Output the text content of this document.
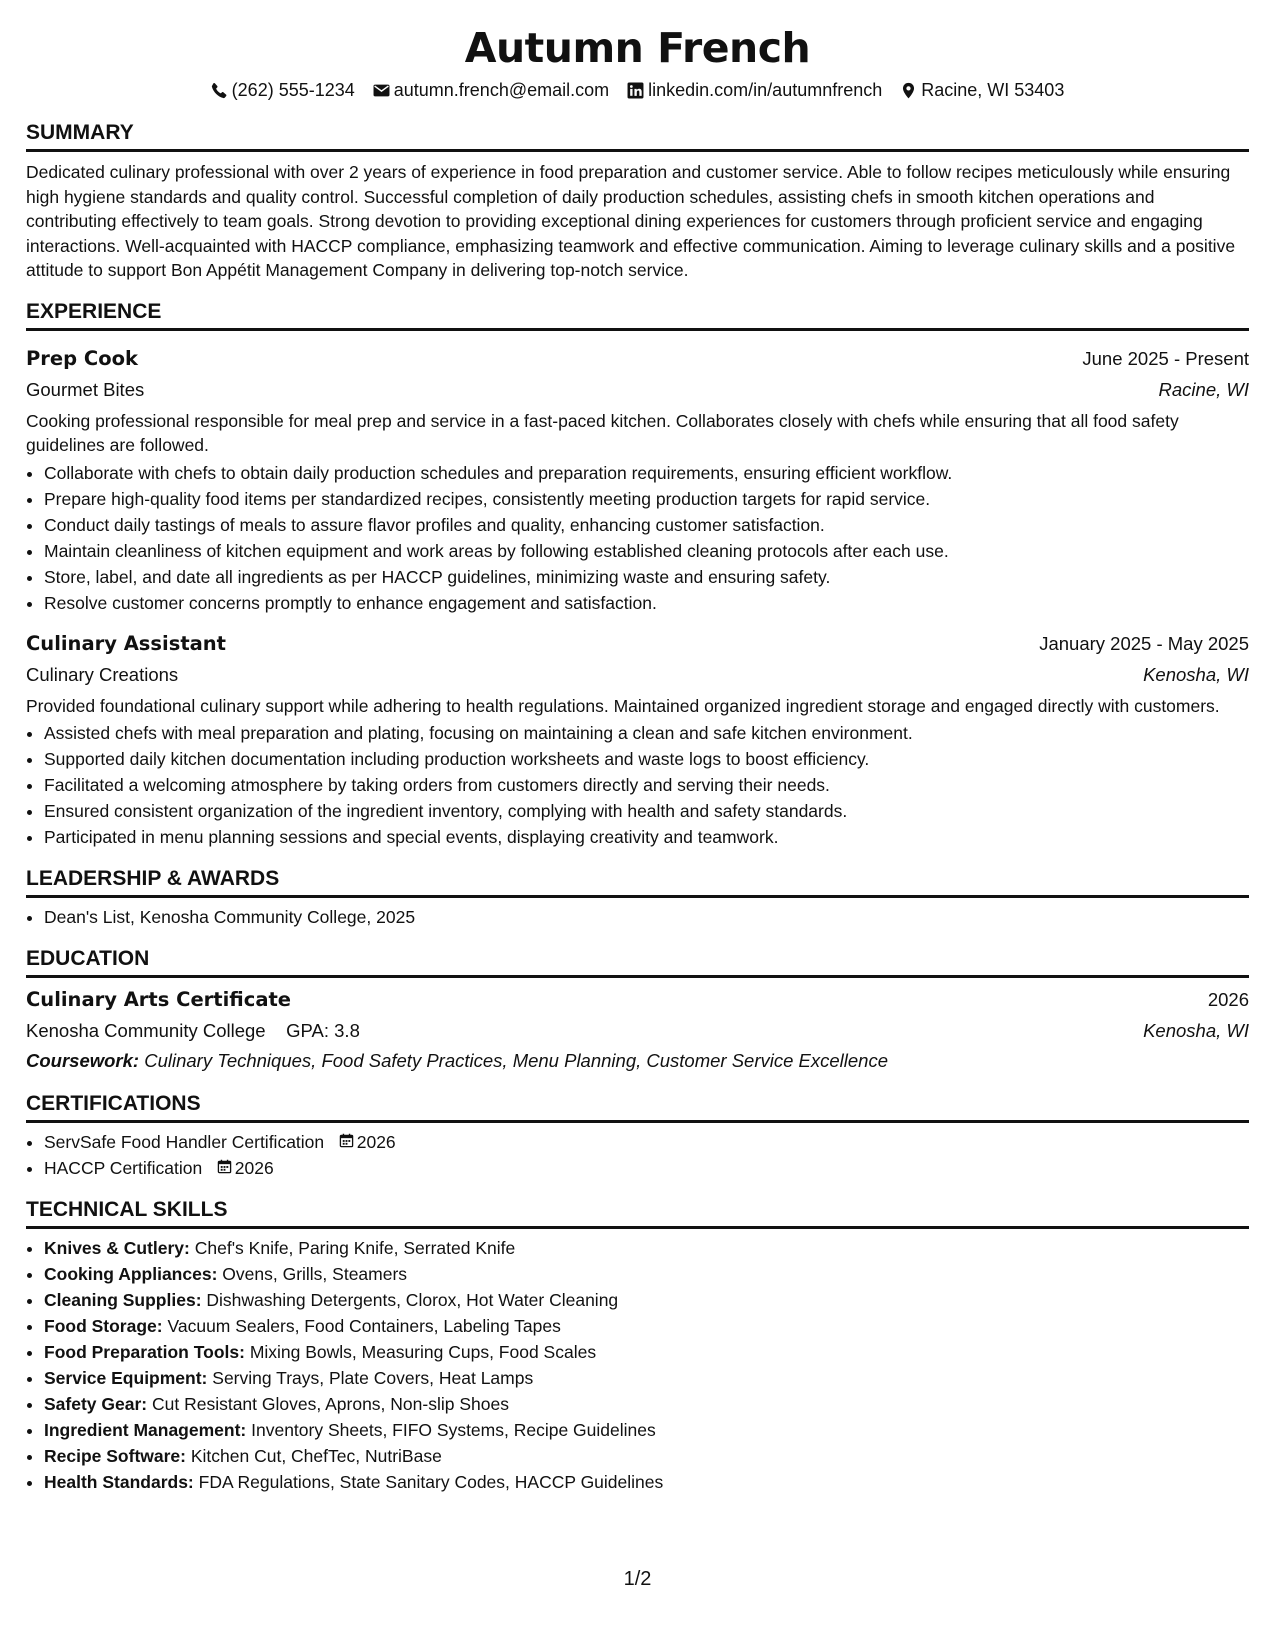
Autumn French
(262) 555-1234 autumn.french@email.com linkedin.com/in/autumnfrench Racine, WI 53403
SUMMARY
Dedicated culinary professional with over 2 years of experience in food preparation and customer service. Able to follow recipes meticulously while ensuring high hygiene standards and quality control. Successful completion of daily production schedules, assisting chefs in smooth kitchen operations and contributing effectively to team goals. Strong devotion to providing exceptional dining experiences for customers through proficient service and engaging interactions. Well-acquainted with HACCP compliance, emphasizing teamwork and effective communication. Aiming to leverage culinary skills and a positive attitude to support Bon Appétit Management Company in delivering top-notch service.
EXPERIENCE
Prep Cook	June 2025 - Present
Gourmet Bites	Racine, WI
Cooking professional responsible for meal prep and service in a fast-paced kitchen. Collaborates closely with chefs while ensuring that all food safety guidelines are followed.
• Collaborate with chefs to obtain daily production schedules and preparation requirements, ensuring efficient workflow.
• Prepare high-quality food items per standardized recipes, consistently meeting production targets for rapid service.
• Conduct daily tastings of meals to assure flavor profiles and quality, enhancing customer satisfaction.
• Maintain cleanliness of kitchen equipment and work areas by following established cleaning protocols after each use.
• Store, label, and date all ingredients as per HACCP guidelines, minimizing waste and ensuring safety.
• Resolve customer concerns promptly to enhance engagement and satisfaction.
Culinary Assistant	January 2025 - May 2025
Culinary Creations	Kenosha, WI
Provided foundational culinary support while adhering to health regulations. Maintained organized ingredient storage and engaged directly with customers.
• Assisted chefs with meal preparation and plating, focusing on maintaining a clean and safe kitchen environment.
• Supported daily kitchen documentation including production worksheets and waste logs to boost efficiency.
• Facilitated a welcoming atmosphere by taking orders from customers directly and serving their needs.
• Ensured consistent organization of the ingredient inventory, complying with health and safety standards.
• Participated in menu planning sessions and special events, displaying creativity and teamwork.
LEADERSHIP & AWARDS
• Dean's List, Kenosha Community College, 2025
EDUCATION
Culinary Arts Certificate	2026
Kenosha Community College GPA: 3.8	Kenosha, WI
Coursework: Culinary Techniques, Food Safety Practices, Menu Planning, Customer Service Excellence
CERTIFICATIONS
• ServSafe Food Handler Certification 2026
• HACCP Certification 2026
TECHNICAL SKILLS
• Knives & Cutlery: Chef's Knife, Paring Knife, Serrated Knife
• Cooking Appliances: Ovens, Grills, Steamers
• Cleaning Supplies: Dishwashing Detergents, Clorox, Hot Water Cleaning
• Food Storage: Vacuum Sealers, Food Containers, Labeling Tapes
• Food Preparation Tools: Mixing Bowls, Measuring Cups, Food Scales
• Service Equipment: Serving Trays, Plate Covers, Heat Lamps
• Safety Gear: Cut Resistant Gloves, Aprons, Non-slip Shoes
• Ingredient Management: Inventory Sheets, FIFO Systems, Recipe Guidelines
• Recipe Software: Kitchen Cut, ChefTec, NutriBase
• Health Standards: FDA Regulations, State Sanitary Codes, HACCP Guidelines
1/2
